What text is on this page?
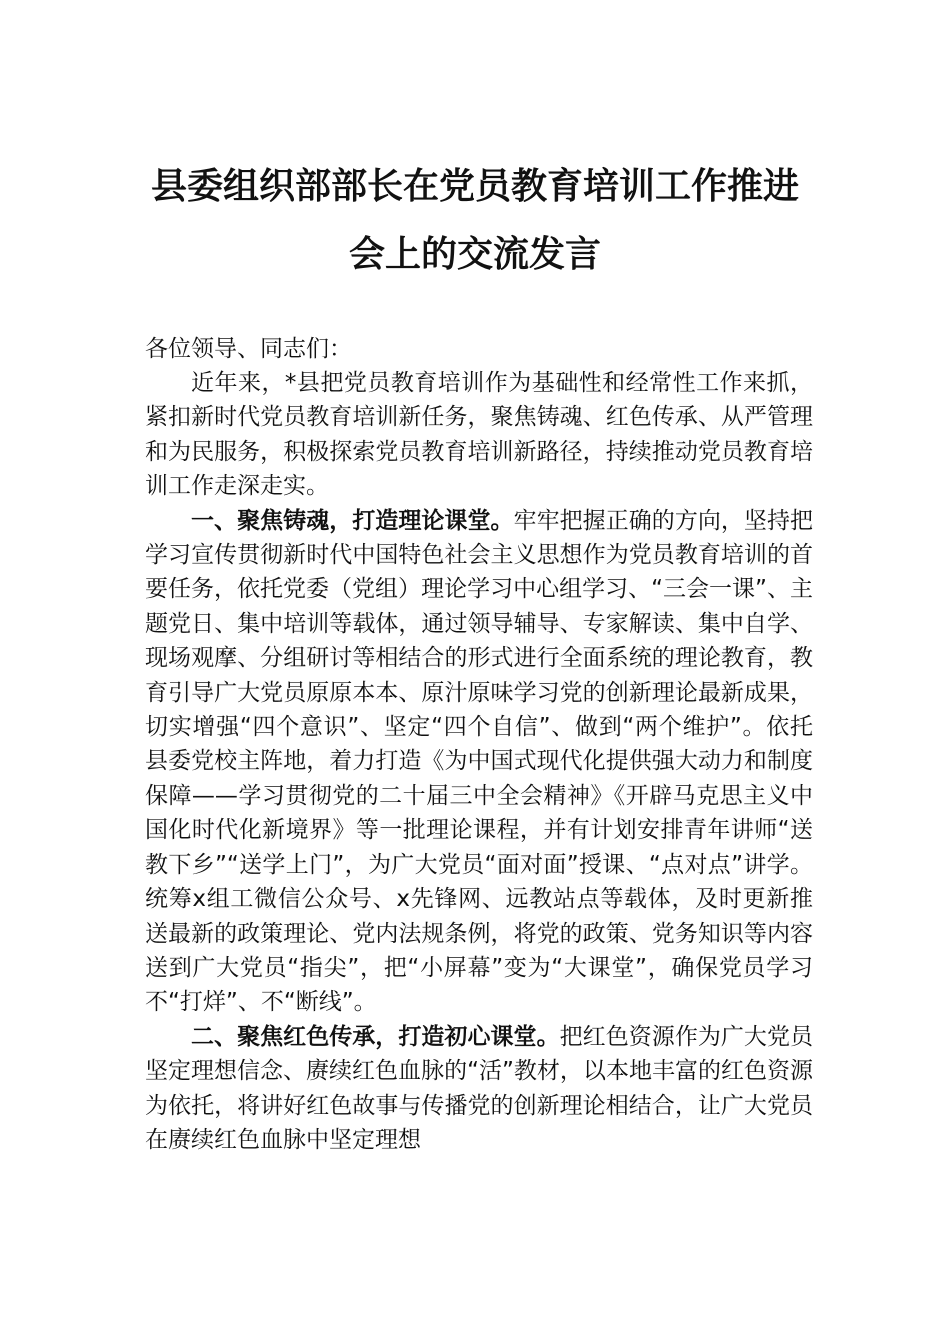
县委组织部部长在党员教育培训工作推进
会上的交流发言
各位领导、同志们：

近年来，*县把党员教育培训作为基础性和经常性工作来抓，紧扣新时代党员教育培训新任务，聚焦铸魂、红色传承、从严管理和为民服务，积极探索党员教育培训新路径，持续推动党员教育培训工作走深走实。

一、聚焦铸魂，打造理论课堂。牢牢把握正确的方向，坚持把学习宣传贯彻新时代中国特色社会主义思想作为党员教育培训的首要任务，依托党委（党组）理论学习中心组学习、“三会一课”、主题党日、集中培训等载体，通过领导辅导、专家解读、集中自学、现场观摩、分组研讨等相结合的形式进行全面系统的理论教育，教育引导广大党员原原本本、原汁原味学习党的创新理论最新成果，切实增强“四个意识”、坚定“四个自信”、做到“两个维护”。依托县委党校主阵地，着力打造《为中国式现代化提供强大动力和制度保障——学习贯彻党的二十届三中全会精神》《开辟马克思主义中国化时代化新境界》等一批理论课程，并有计划安排青年讲师“送教下乡”“送学上门”，为广大党员“面对面”授课、“点对点”讲学。统筹x组工微信公众号、x先锋网、远教站点等载体，及时更新推送最新的政策理论、党内法规条例，将党的政策、党务知识等内容送到广大党员“指尖”，把“小屏幕”变为“大课堂”，确保党员学习不“打烊”、不“断线”。

二、聚焦红色传承，打造初心课堂。把红色资源作为广大党员坚定理想信念、赓续红色血脉的“活”教材，以本地丰富的红色资源为依托，将讲好红色故事与传播党的创新理论相结合，让广大党员在赓续红色血脉中坚定理想
